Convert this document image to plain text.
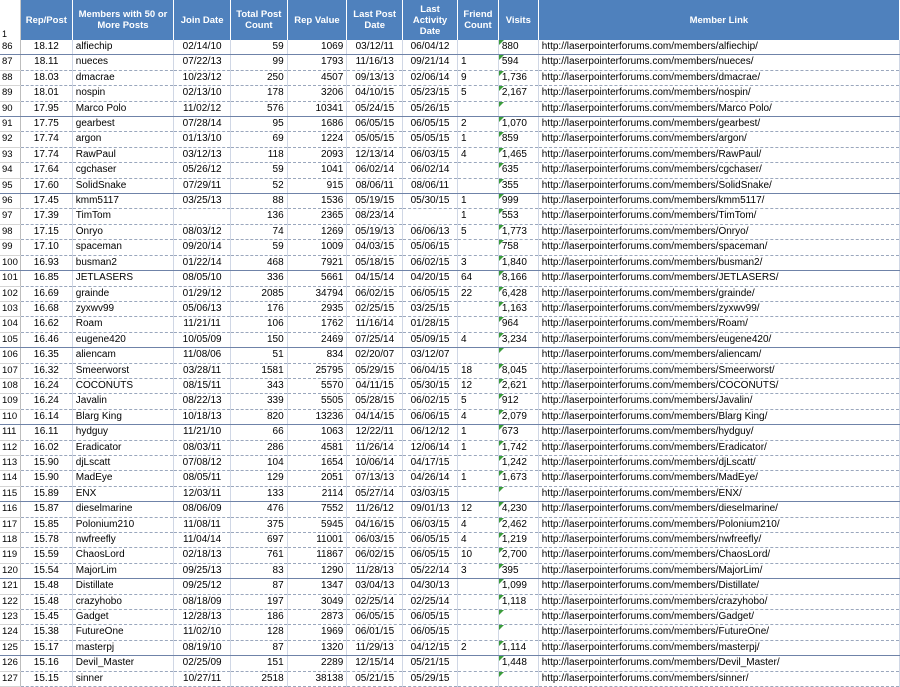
1	Rep/Post	Members with 50 or More Posts	Join Date	Total Post Count	Rep Value	Last Post Date	Last Activity Date	Friend Count	Visits	Member Link
86	18.12	alfiechip	02/14/10	59	1069	03/12/11	06/04/12		880	http://laserpointerforums.com/members/alfiechip/
87	18.11	nueces	07/22/13	99	1793	11/16/13	09/21/14	1	594	http://laserpointerforums.com/members/nueces/
88	18.03	dmacrae	10/23/12	250	4507	09/13/13	02/06/14	9	1,736	http://laserpointerforums.com/members/dmacrae/
89	18.01	nospin	02/13/10	178	3206	04/10/15	05/23/15	5	2,167	http://laserpointerforums.com/members/nospin/
90	17.95	Marco Polo	11/02/12	576	10341	05/24/15	05/26/15			http://laserpointerforums.com/members/Marco Polo/
91	17.75	gearbest	07/28/14	95	1686	06/05/15	06/05/15	2	1,070	http://laserpointerforums.com/members/gearbest/
92	17.74	argon	01/13/10	69	1224	05/05/15	05/05/15	1	859	http://laserpointerforums.com/members/argon/
93	17.74	RawPaul	03/12/13	118	2093	12/13/14	06/03/15	4	1,465	http://laserpointerforums.com/members/RawPaul/
94	17.64	cgchaser	05/26/12	59	1041	06/02/14	06/02/14		635	http://laserpointerforums.com/members/cgchaser/
95	17.60	SolidSnake	07/29/11	52	915	08/06/11	08/06/11		355	http://laserpointerforums.com/members/SolidSnake/
96	17.45	kmm5117	03/25/13	88	1536	05/19/15	05/30/15	1	999	http://laserpointerforums.com/members/kmm5117/
97	17.39	TimTom		136	2365	08/23/14		1	553	http://laserpointerforums.com/members/TimTom/
98	17.15	Onryo	08/03/12	74	1269	05/19/13	06/06/13	5	1,773	http://laserpointerforums.com/members/Onryo/
99	17.10	spaceman	09/20/14	59	1009	04/03/15	05/06/15		758	http://laserpointerforums.com/members/spaceman/
100	16.93	busman2	01/22/14	468	7921	05/18/15	06/02/15	3	1,840	http://laserpointerforums.com/members/busman2/
101	16.85	JETLASERS	08/05/10	336	5661	04/15/14	04/20/15	64	8,166	http://laserpointerforums.com/members/JETLASERS/
102	16.69	grainde	01/29/12	2085	34794	06/02/15	06/05/15	22	6,428	http://laserpointerforums.com/members/grainde/
103	16.68	zyxwv99	05/06/13	176	2935	02/25/15	03/25/15		1,163	http://laserpointerforums.com/members/zyxwv99/
104	16.62	Roam	11/21/11	106	1762	11/16/14	01/28/15		964	http://laserpointerforums.com/members/Roam/
105	16.46	eugene420	10/05/09	150	2469	07/25/14	05/09/15	4	3,234	http://laserpointerforums.com/members/eugene420/
106	16.35	aliencam	11/08/06	51	834	02/20/07	03/12/07			http://laserpointerforums.com/members/aliencam/
107	16.32	Smeerworst	03/28/11	1581	25795	05/29/15	06/04/15	18	8,045	http://laserpointerforums.com/members/Smeerworst/
108	16.24	COCONUTS	08/15/11	343	5570	04/11/15	05/30/15	12	2,621	http://laserpointerforums.com/members/COCONUTS/
109	16.24	Javalin	08/22/13	339	5505	05/28/15	06/02/15	5	912	http://laserpointerforums.com/members/Javalin/
110	16.14	Blarg King	10/18/13	820	13236	04/14/15	06/06/15	4	2,079	http://laserpointerforums.com/members/Blarg King/
111	16.11	hydguy	11/21/10	66	1063	12/22/11	06/12/12	1	673	http://laserpointerforums.com/members/hydguy/
112	16.02	Eradicator	08/03/11	286	4581	11/26/14	12/06/14	1	1,742	http://laserpointerforums.com/members/Eradicator/
113	15.90	djLscatt	07/08/12	104	1654	10/06/14	04/17/15		1,242	http://laserpointerforums.com/members/djLscatt/
114	15.90	MadEye	08/05/11	129	2051	07/13/13	04/26/14	1	1,673	http://laserpointerforums.com/members/MadEye/
115	15.89	ENX	12/03/11	133	2114	05/27/14	03/03/15			http://laserpointerforums.com/members/ENX/
116	15.87	dieselmarine	08/06/09	476	7552	11/26/12	09/01/13	12	4,230	http://laserpointerforums.com/members/dieselmarine/
117	15.85	Polonium210	11/08/11	375	5945	04/16/15	06/03/15	4	2,462	http://laserpointerforums.com/members/Polonium210/
118	15.78	nwfreefly	11/04/14	697	11001	06/03/15	06/05/15	4	1,219	http://laserpointerforums.com/members/nwfreefly/
119	15.59	ChaosLord	02/18/13	761	11867	06/02/15	06/05/15	10	2,700	http://laserpointerforums.com/members/ChaosLord/
120	15.54	MajorLim	09/25/13	83	1290	11/28/13	05/22/14	3	395	http://laserpointerforums.com/members/MajorLim/
121	15.48	Distillate	09/25/12	87	1347	03/04/13	04/30/13		1,099	http://laserpointerforums.com/members/Distillate/
122	15.48	crazyhobo	08/18/09	197	3049	02/25/14	02/25/14		1,118	http://laserpointerforums.com/members/crazyhobo/
123	15.45	Gadget	12/28/13	186	2873	06/05/15	06/05/15			http://laserpointerforums.com/members/Gadget/
124	15.38	FutureOne	11/02/10	128	1969	06/01/15	06/05/15			http://laserpointerforums.com/members/FutureOne/
125	15.17	masterpj	08/19/10	87	1320	11/29/13	04/12/15	2	1,114	http://laserpointerforums.com/members/masterpj/
126	15.16	Devil_Master	02/25/09	151	2289	12/15/14	05/21/15		1,448	http://laserpointerforums.com/members/Devil_Master/
127	15.15	sinner	10/27/11	2518	38138	05/21/15	05/29/15			http://laserpointerforums.com/members/sinner/
